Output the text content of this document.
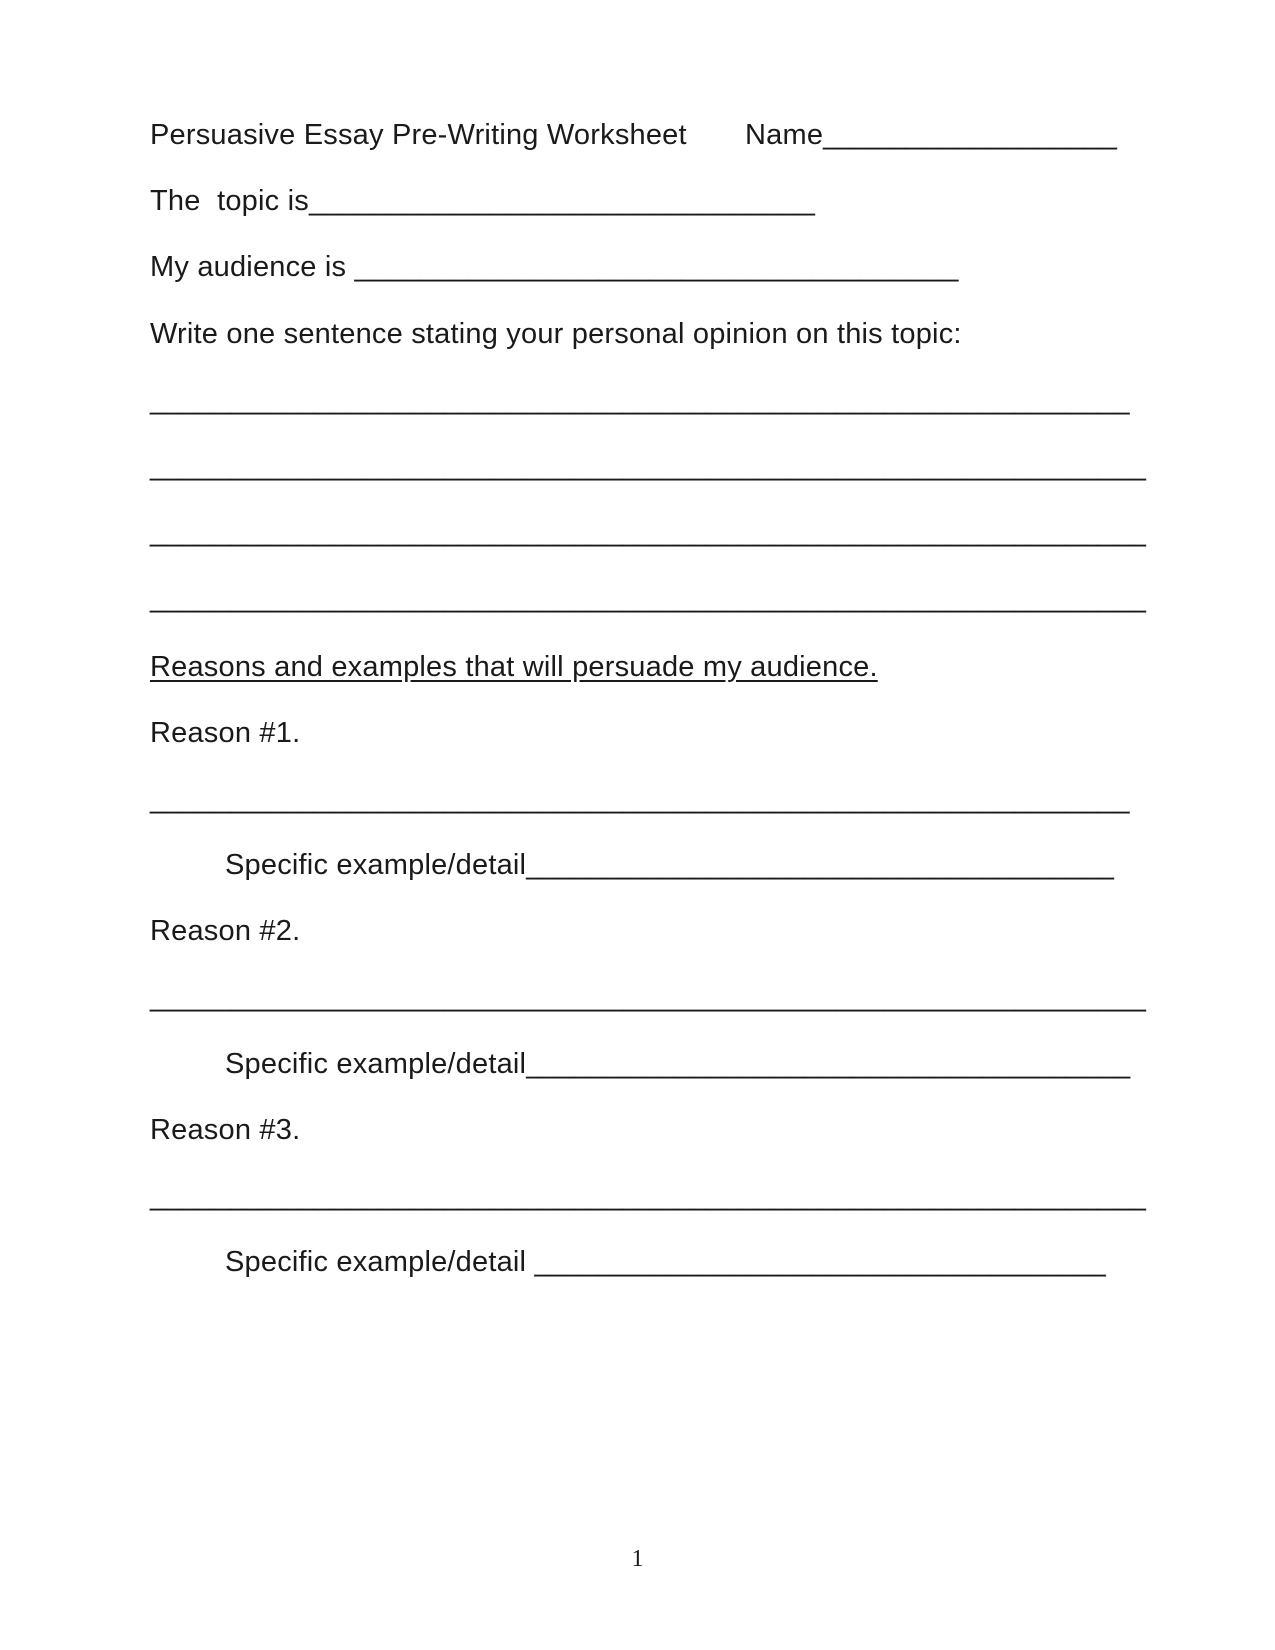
Persuasive Essay Pre-Writing Worksheet Name__________________
The  topic is_______________________________
My audience is _____________________________________
Write one sentence stating your personal opinion on this topic:
____________________________________________________________
_____________________________________________________________
_____________________________________________________________
_____________________________________________________________
Reasons and examples that will persuade my audience.
Reason #1.
____________________________________________________________
Specific example/detail____________________________________
Reason #2.
_____________________________________________________________
Specific example/detail_____________________________________
Reason #3.
_____________________________________________________________
Specific example/detail ___________________________________
1
